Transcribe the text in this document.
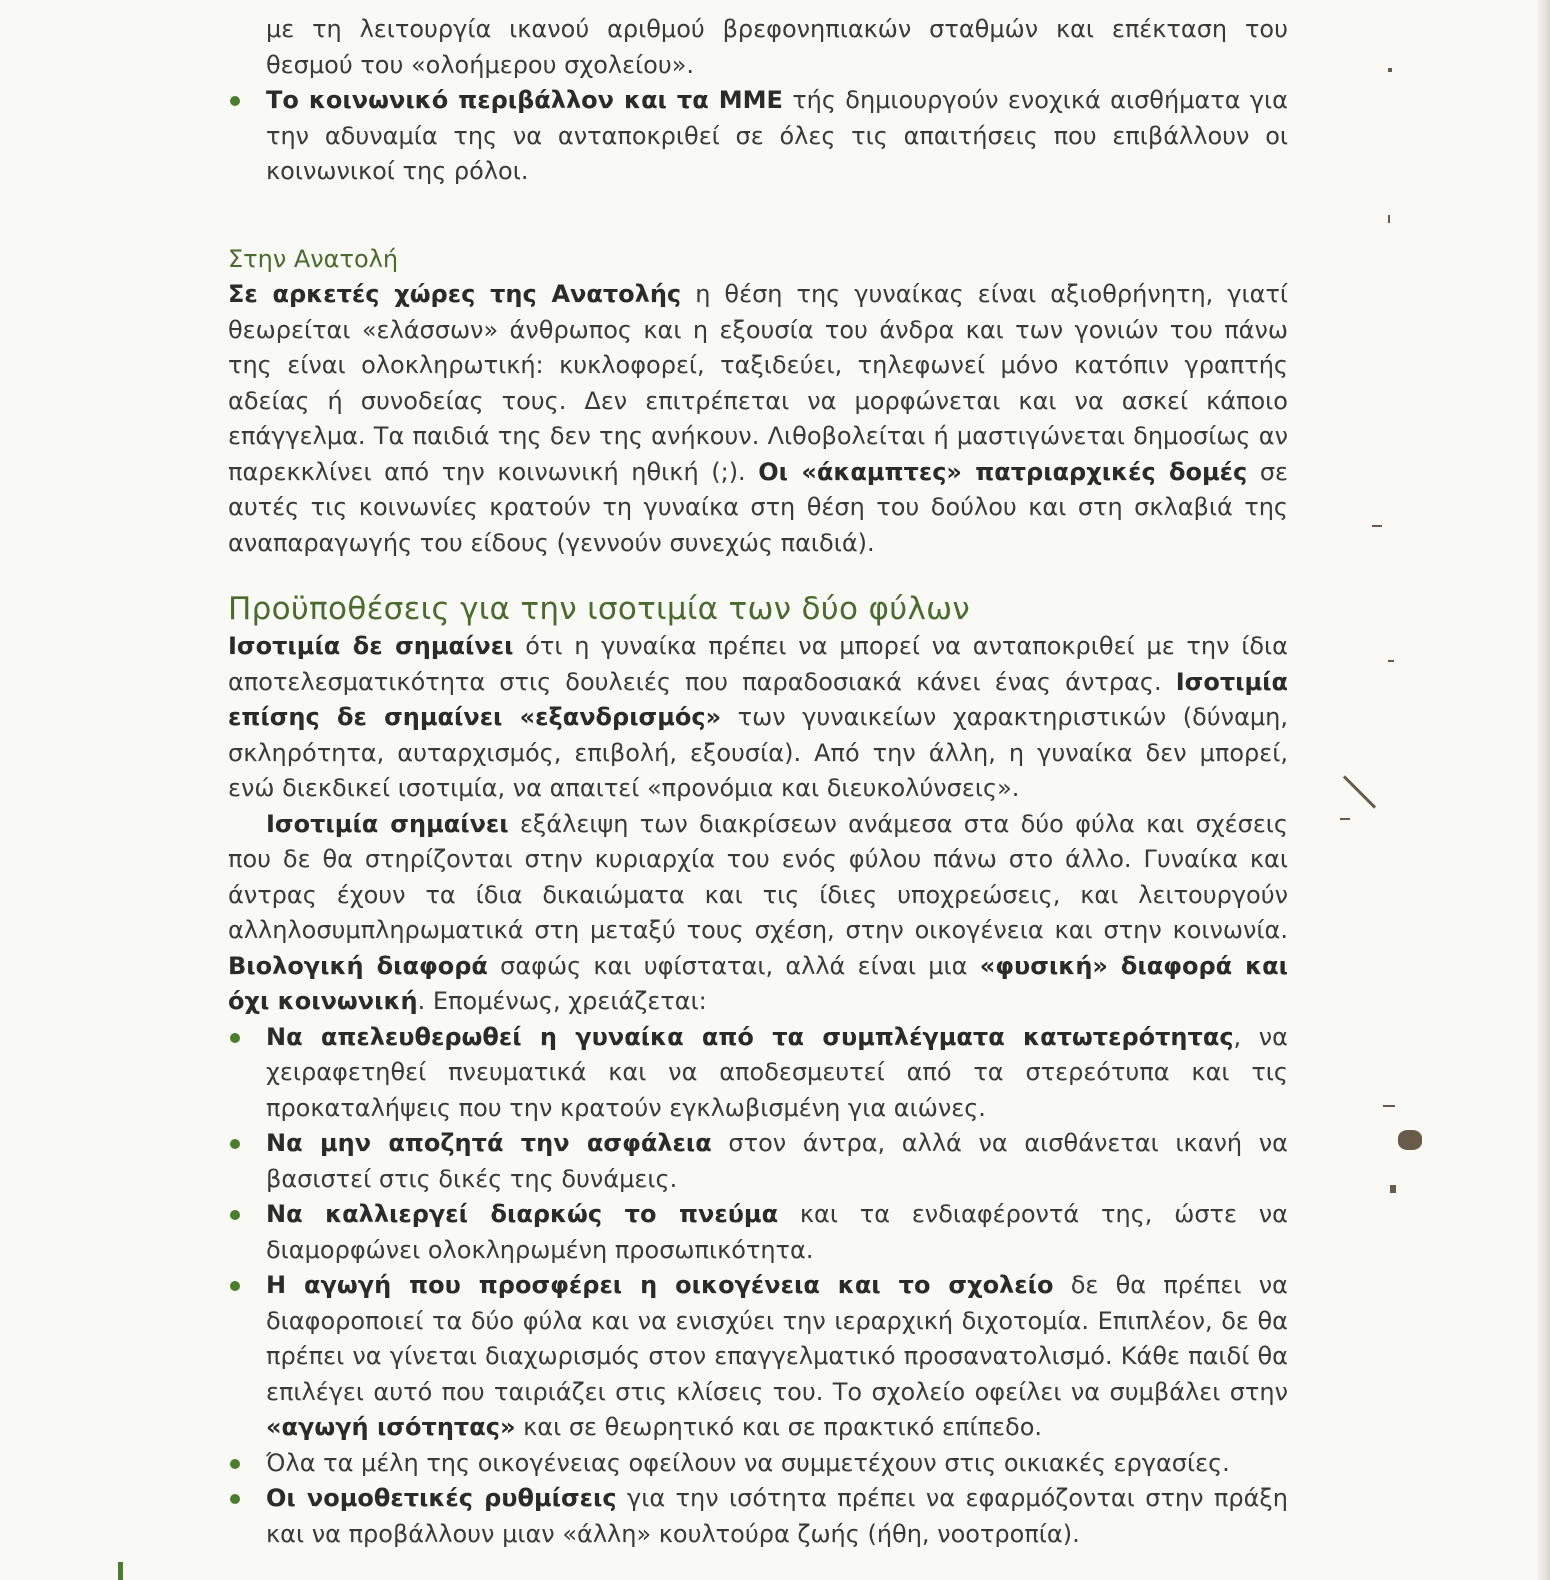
με τη λειτουργία ικανού αριθμού βρεφονηπιακών σταθμών και επέκταση του θεσμού του «ολοήμερου σχολείου».

Το κοινωνικό περιβάλλον και τα ΜΜΕ τής δημιουργούν ενοχικά αισθήματα για την αδυναμία της να ανταποκριθεί σε όλες τις απαιτήσεις που επιβάλλουν οι κοινωνικοί της ρόλοι.
Στην Ανατολή

Σε αρκετές χώρες της Ανατολής η θέση της γυναίκας είναι αξιοθρήνητη, γιατί θεωρείται «ελάσσων» άνθρωπος και η εξουσία του άνδρα και των γονιών του πάνω της είναι ολοκληρωτική: κυκλοφορεί, ταξιδεύει, τηλεφωνεί μόνο κατόπιν γραπτής αδείας ή συνοδείας τους. Δεν επιτρέπεται να μορφώνεται και να ασκεί κάποιο επάγγελμα. Τα παιδιά της δεν της ανήκουν. Λιθοβολείται ή μαστιγώνεται δημοσίως αν παρεκκλίνει από την κοινωνική ηθική (;). Οι «άκαμπτες» πατριαρχικές δομές σε αυτές τις κοινωνίες κρατούν τη γυναίκα στη θέση του δούλου και στη σκλαβιά της αναπαραγωγής του είδους (γεννούν συνεχώς παιδιά).

Προϋποθέσεις για την ισοτιμία των δύο φύλων

Ισοτιμία δε σημαίνει ότι η γυναίκα πρέπει να μπορεί να ανταποκριθεί με την ίδια αποτελεσματικότητα στις δουλειές που παραδοσιακά κάνει ένας άντρας. Ισοτιμία επίσης δε σημαίνει «εξανδρισμός» των γυναικείων χαρακτηριστικών (δύναμη, σκληρότητα, αυταρχισμός, επιβολή, εξουσία). Από την άλλη, η γυναίκα δεν μπορεί, ενώ διεκδικεί ισοτιμία, να απαιτεί «προνόμια και διευκολύνσεις».

Ισοτιμία σημαίνει εξάλειψη των διακρίσεων ανάμεσα στα δύο φύλα και σχέσεις που δε θα στηρίζονται στην κυριαρχία του ενός φύλου πάνω στο άλλο. Γυναίκα και άντρας έχουν τα ίδια δικαιώματα και τις ίδιες υποχρεώσεις, και λειτουργούν αλληλοσυμπληρωματικά στη μεταξύ τους σχέση, στην οικογένεια και στην κοινωνία. Βιολογική διαφορά σαφώς και υφίσταται, αλλά είναι μια «φυσική» διαφορά και όχι κοινωνική. Επομένως, χρειάζεται:

Να απελευθερωθεί η γυναίκα από τα συμπλέγματα κατωτερότητας, να χειραφετηθεί πνευματικά και να αποδεσμευτεί από τα στερεότυπα και τις προκαταλήψεις που την κρατούν εγκλωβισμένη για αιώνες.
Να μην αποζητά την ασφάλεια στον άντρα, αλλά να αισθάνεται ικανή να βασιστεί στις δικές της δυνάμεις.
Να καλλιεργεί διαρκώς το πνεύμα και τα ενδιαφέροντά της, ώστε να διαμορφώνει ολοκληρωμένη προσωπικότητα.
Η αγωγή που προσφέρει η οικογένεια και το σχολείο δε θα πρέπει να διαφοροποιεί τα δύο φύλα και να ενισχύει την ιεραρχική διχοτομία. Επιπλέον, δε θα πρέπει να γίνεται διαχωρισμός στον επαγγελματικό προσανατολισμό. Κάθε παιδί θα επιλέγει αυτό που ταιριάζει στις κλίσεις του. Το σχολείο οφείλει να συμβάλει στην «αγωγή ισότητας» και σε θεωρητικό και σε πρακτικό επίπεδο.
Όλα τα μέλη της οικογένειας οφείλουν να συμμετέχουν στις οικιακές εργασίες.
Οι νομοθετικές ρυθμίσεις για την ισότητα πρέπει να εφαρμόζονται στην πράξη και να προβάλλουν μιαν «άλλη» κουλτούρα ζωής (ήθη, νοοτροπία).
